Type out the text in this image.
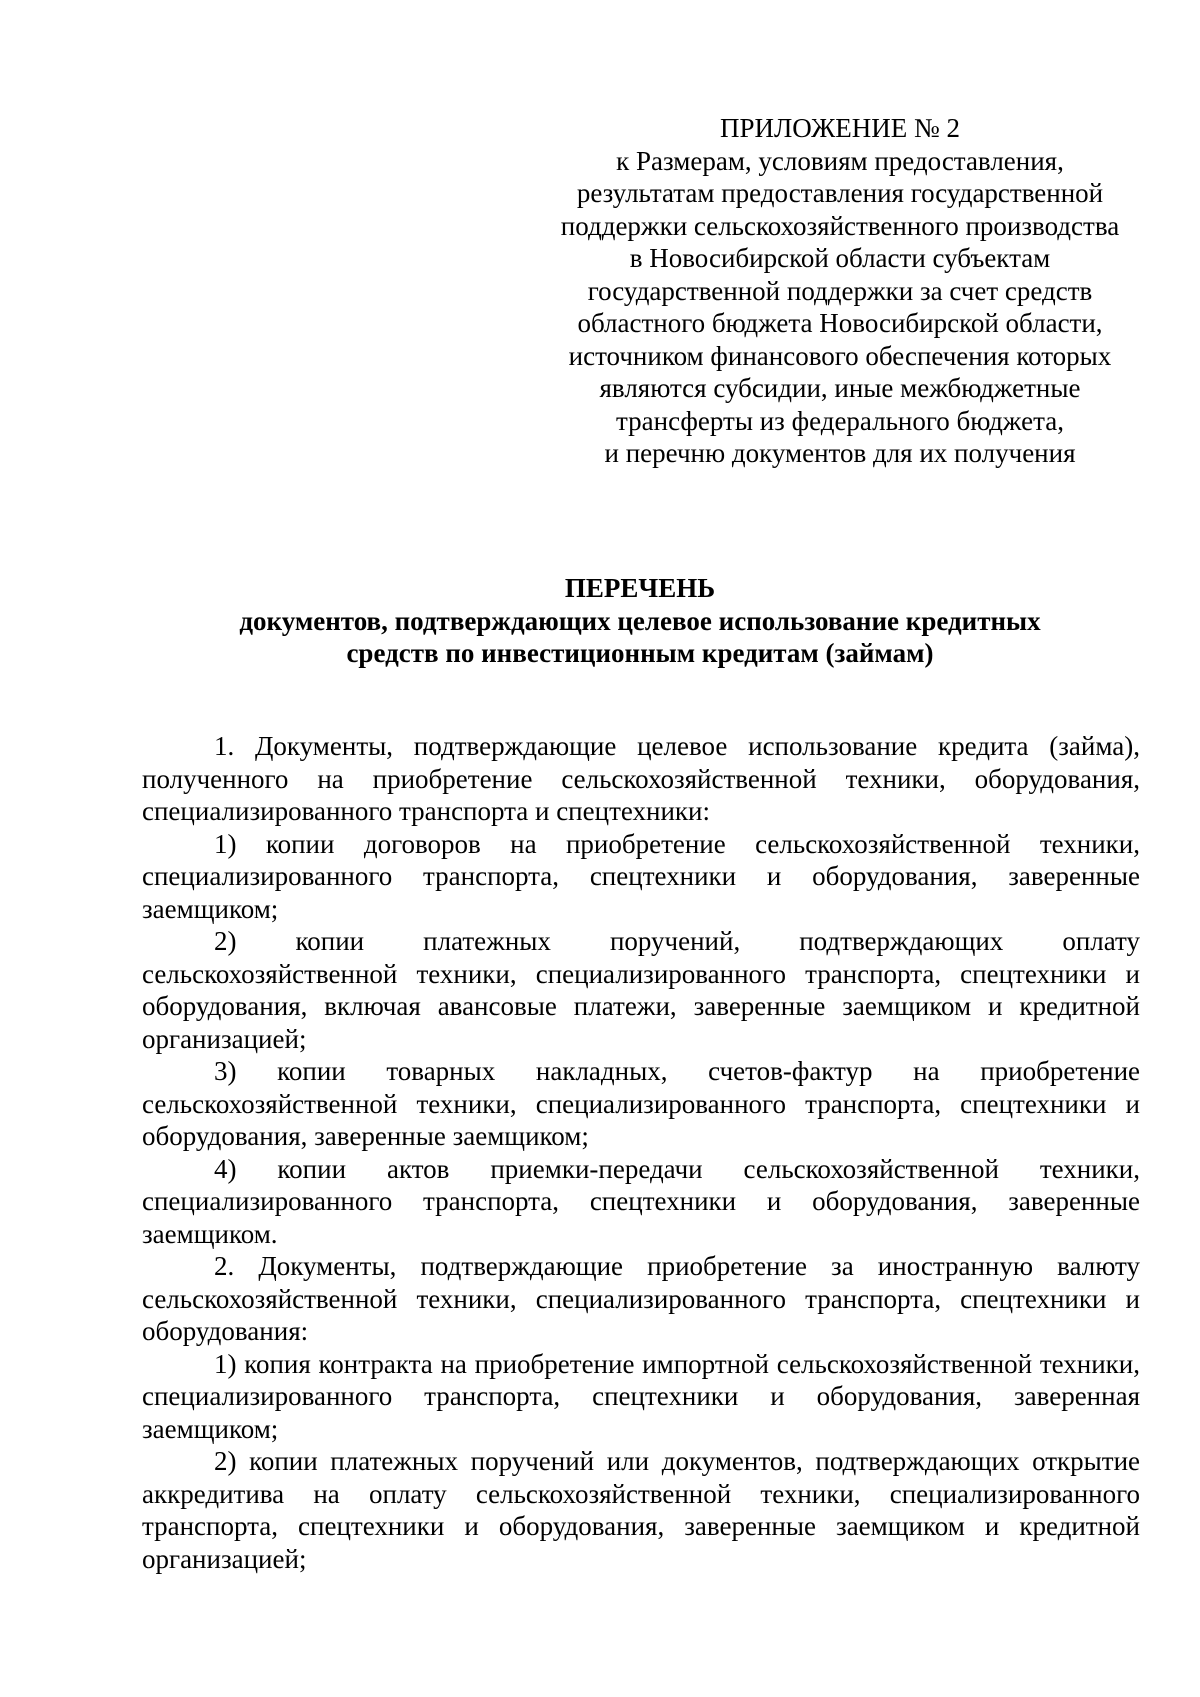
ПРИЛОЖЕНИЕ № 2

к Размерам, условиям предоставления,

результатам предоставления государственной

поддержки сельскохозяйственного производства

в Новосибирской области субъектам

государственной поддержки за счет средств

областного бюджета Новосибирской области,

источником финансового обеспечения которых

являются субсидии, иные межбюджетные

трансферты из федерального бюджета,

и перечню документов для их получения

ПЕРЕЧЕНЬ

документов, подтверждающих целевое использование кредитных

средств по инвестиционным кредитам (займам)

1. Документы, подтверждающие целевое использование кредита (займа), полученного на приобретение сельскохозяйственной техники, оборудования, специализированного транспорта и спецтехники:

1) копии договоров на приобретение сельскохозяйственной техники, специализированного транспорта, спецтехники и оборудования, заверенные заемщиком;

2) копии платежных поручений, подтверждающих оплату сельскохозяйственной техники, специализированного транспорта, спецтехники и оборудования, включая авансовые платежи, заверенные заемщиком и кредитной организацией;

3) копии товарных накладных, счетов-фактур на приобретение сельскохозяйственной техники, специализированного транспорта, спецтехники и оборудования, заверенные заемщиком;

4) копии актов приемки-передачи сельскохозяйственной техники, специализированного транспорта, спецтехники и оборудования, заверенные заемщиком.

2. Документы, подтверждающие приобретение за иностранную валюту сельскохозяйственной техники, специализированного транспорта, спецтехники и оборудования:

1) копия контракта на приобретение импортной сельскохозяйственной техники, специализированного транспорта, спецтехники и оборудования, заверенная заемщиком;

2) копии платежных поручений или документов, подтверждающих открытие аккредитива на оплату сельскохозяйственной техники, специализированного транспорта, спецтехники и оборудования, заверенные заемщиком и кредитной организацией;
